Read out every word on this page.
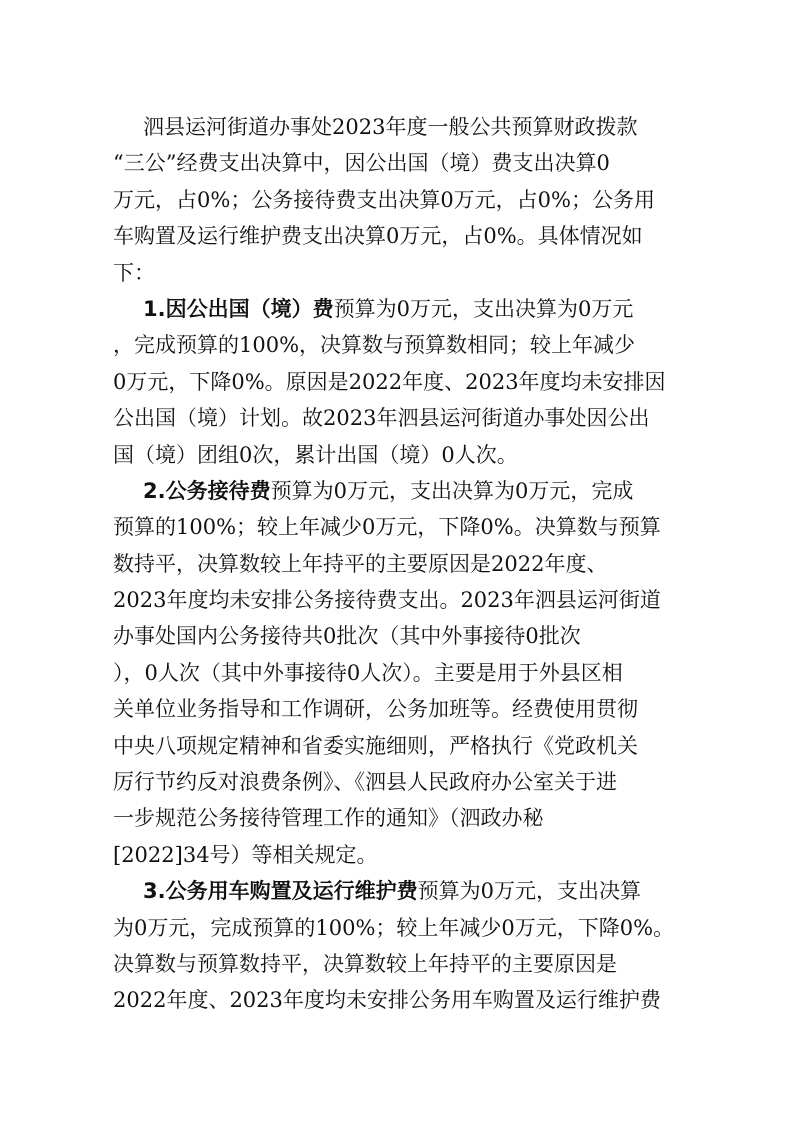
泗县运河街道办事处2023年度一般公共预算财政拨款
“三公”经费支出决算中，因公出国（境）费支出决算0
万元，占0%；公务接待费支出决算0万元，占0%；公务用
车购置及运行维护费支出决算0万元，占0%。具体情况如
下：
1.因公出国（境）费预算为0万元，支出决算为0万元
，完成预算的100%，决算数与预算数相同；较上年减少
0万元，下降0%。原因是2022年度、2023年度均未安排因
公出国（境）计划。故2023年泗县运河街道办事处因公出
国（境）团组0次，累计出国（境）0人次。
2.公务接待费预算为0万元，支出决算为0万元，完成
预算的100%；较上年减少0万元，下降0%。决算数与预算
数持平，决算数较上年持平的主要原因是2022年度、
2023年度均未安排公务接待费支出。2023年泗县运河街道
办事处国内公务接待共0批次（其中外事接待0批次
），0人次（其中外事接待0人次）。主要是用于外县区相
关单位业务指导和工作调研，公务加班等。经费使用贯彻
中央八项规定精神和省委实施细则，严格执行《党政机关
厉行节约反对浪费条例》、《泗县人民政府办公室关于进
一步规范公务接待管理工作的通知》（泗政办秘
[2022]34号）等相关规定。
3.公务用车购置及运行维护费预算为0万元，支出决算
为0万元，完成预算的100%；较上年减少0万元，下降0%。
决算数与预算数持平，决算数较上年持平的主要原因是
2022年度、2023年度均未安排公务用车购置及运行维护费
